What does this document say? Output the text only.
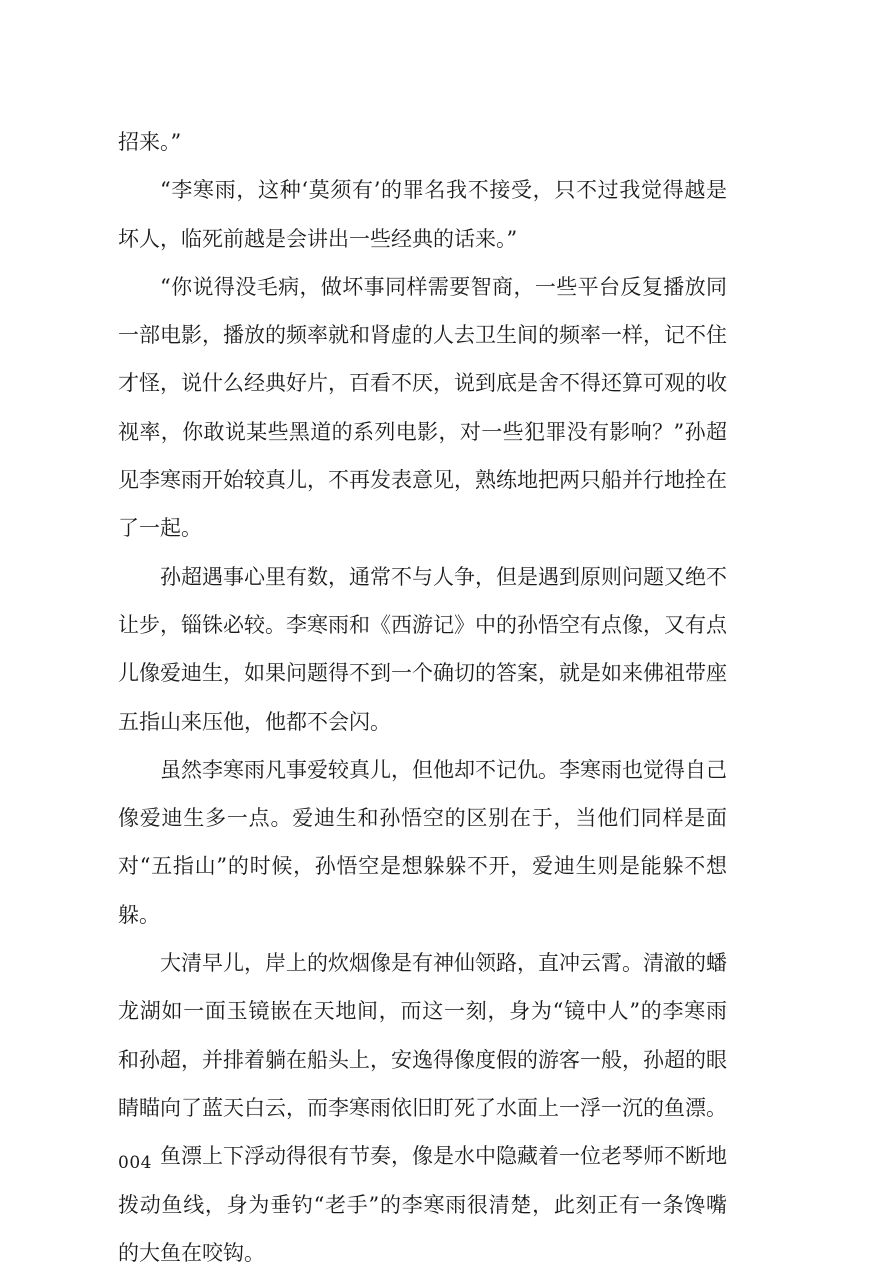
招来。”

“李寒雨，这种‘莫须有’的罪名我不接受，只不过我觉得越是坏人，临死前越是会讲出一些经典的话来。”

“你说得没毛病，做坏事同样需要智商，一些平台反复播放同一部电影，播放的频率就和肾虚的人去卫生间的频率一样，记不住才怪，说什么经典好片，百看不厌，说到底是舍不得还算可观的收视率，你敢说某些黑道的系列电影，对一些犯罪没有影响？”孙超见李寒雨开始较真儿，不再发表意见，熟练地把两只船并行地拴在了一起。

孙超遇事心里有数，通常不与人争，但是遇到原则问题又绝不让步，锱铢必较。李寒雨和《西游记》中的孙悟空有点像，又有点儿像爱迪生，如果问题得不到一个确切的答案，就是如来佛祖带座五指山来压他，他都不会闪。

虽然李寒雨凡事爱较真儿，但他却不记仇。李寒雨也觉得自己像爱迪生多一点。爱迪生和孙悟空的区别在于，当他们同样是面对“五指山”的时候，孙悟空是想躲躲不开，爱迪生则是能躲不想躲。

大清早儿，岸上的炊烟像是有神仙领路，直冲云霄。清澈的蟠龙湖如一面玉镜嵌在天地间，而这一刻，身为“镜中人”的李寒雨和孙超，并排着躺在船头上，安逸得像度假的游客一般，孙超的眼睛瞄向了蓝天白云，而李寒雨依旧盯死了水面上一浮一沉的鱼漂。

鱼漂上下浮动得很有节奏，像是水中隐藏着一位老琴师不断地拨动鱼线，身为垂钓“老手”的李寒雨很清楚，此刻正有一条馋嘴的大鱼在咬钩。

004
